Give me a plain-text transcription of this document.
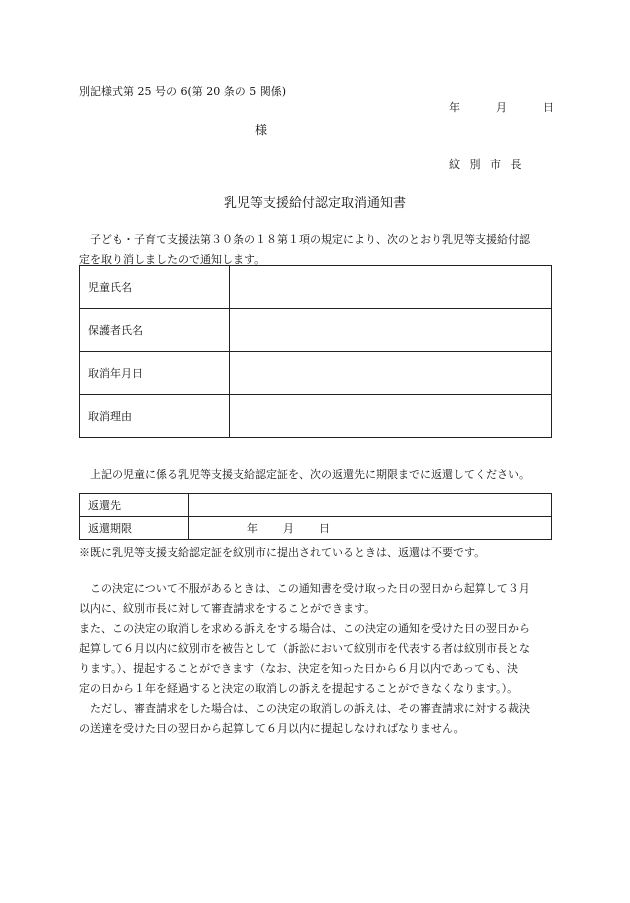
別記様式第 25 号の 6(第 20 条の 5 関係)
年	月	日
様
紋 別 市 長
乳児等支援給付認定取消通知書
子ども・子育て支援法第３０条の１８第１項の規定により、次のとおり乳児等支援給付認
定を取り消しましたので通知します。
児童氏名	
保護者氏名	
取消年月日	
取消理由	
上記の児童に係る乳児等支援支給認定証を、次の返還先に期限までに返還してください。
返還先	
返還期限	年 月 日
※既に乳児等支援支給認定証を紋別市に提出されているときは、返還は不要です。
この決定について不服があるときは、この通知書を受け取った日の翌日から起算して３月
以内に、紋別市長に対して審査請求をすることができます。
また、この決定の取消しを求める訴えをする場合は、この決定の通知を受けた日の翌日から
起算して６月以内に紋別市を被告として（訴訟において紋別市を代表する者は紋別市長とな
ります。）、提起することができます（なお、決定を知った日から６月以内であっても、決
定の日から１年を経過すると決定の取消しの訴えを提起することができなくなります。）。
ただし、審査請求をした場合は、この決定の取消しの訴えは、その審査請求に対する裁決
の送達を受けた日の翌日から起算して６月以内に提起しなければなりません。
